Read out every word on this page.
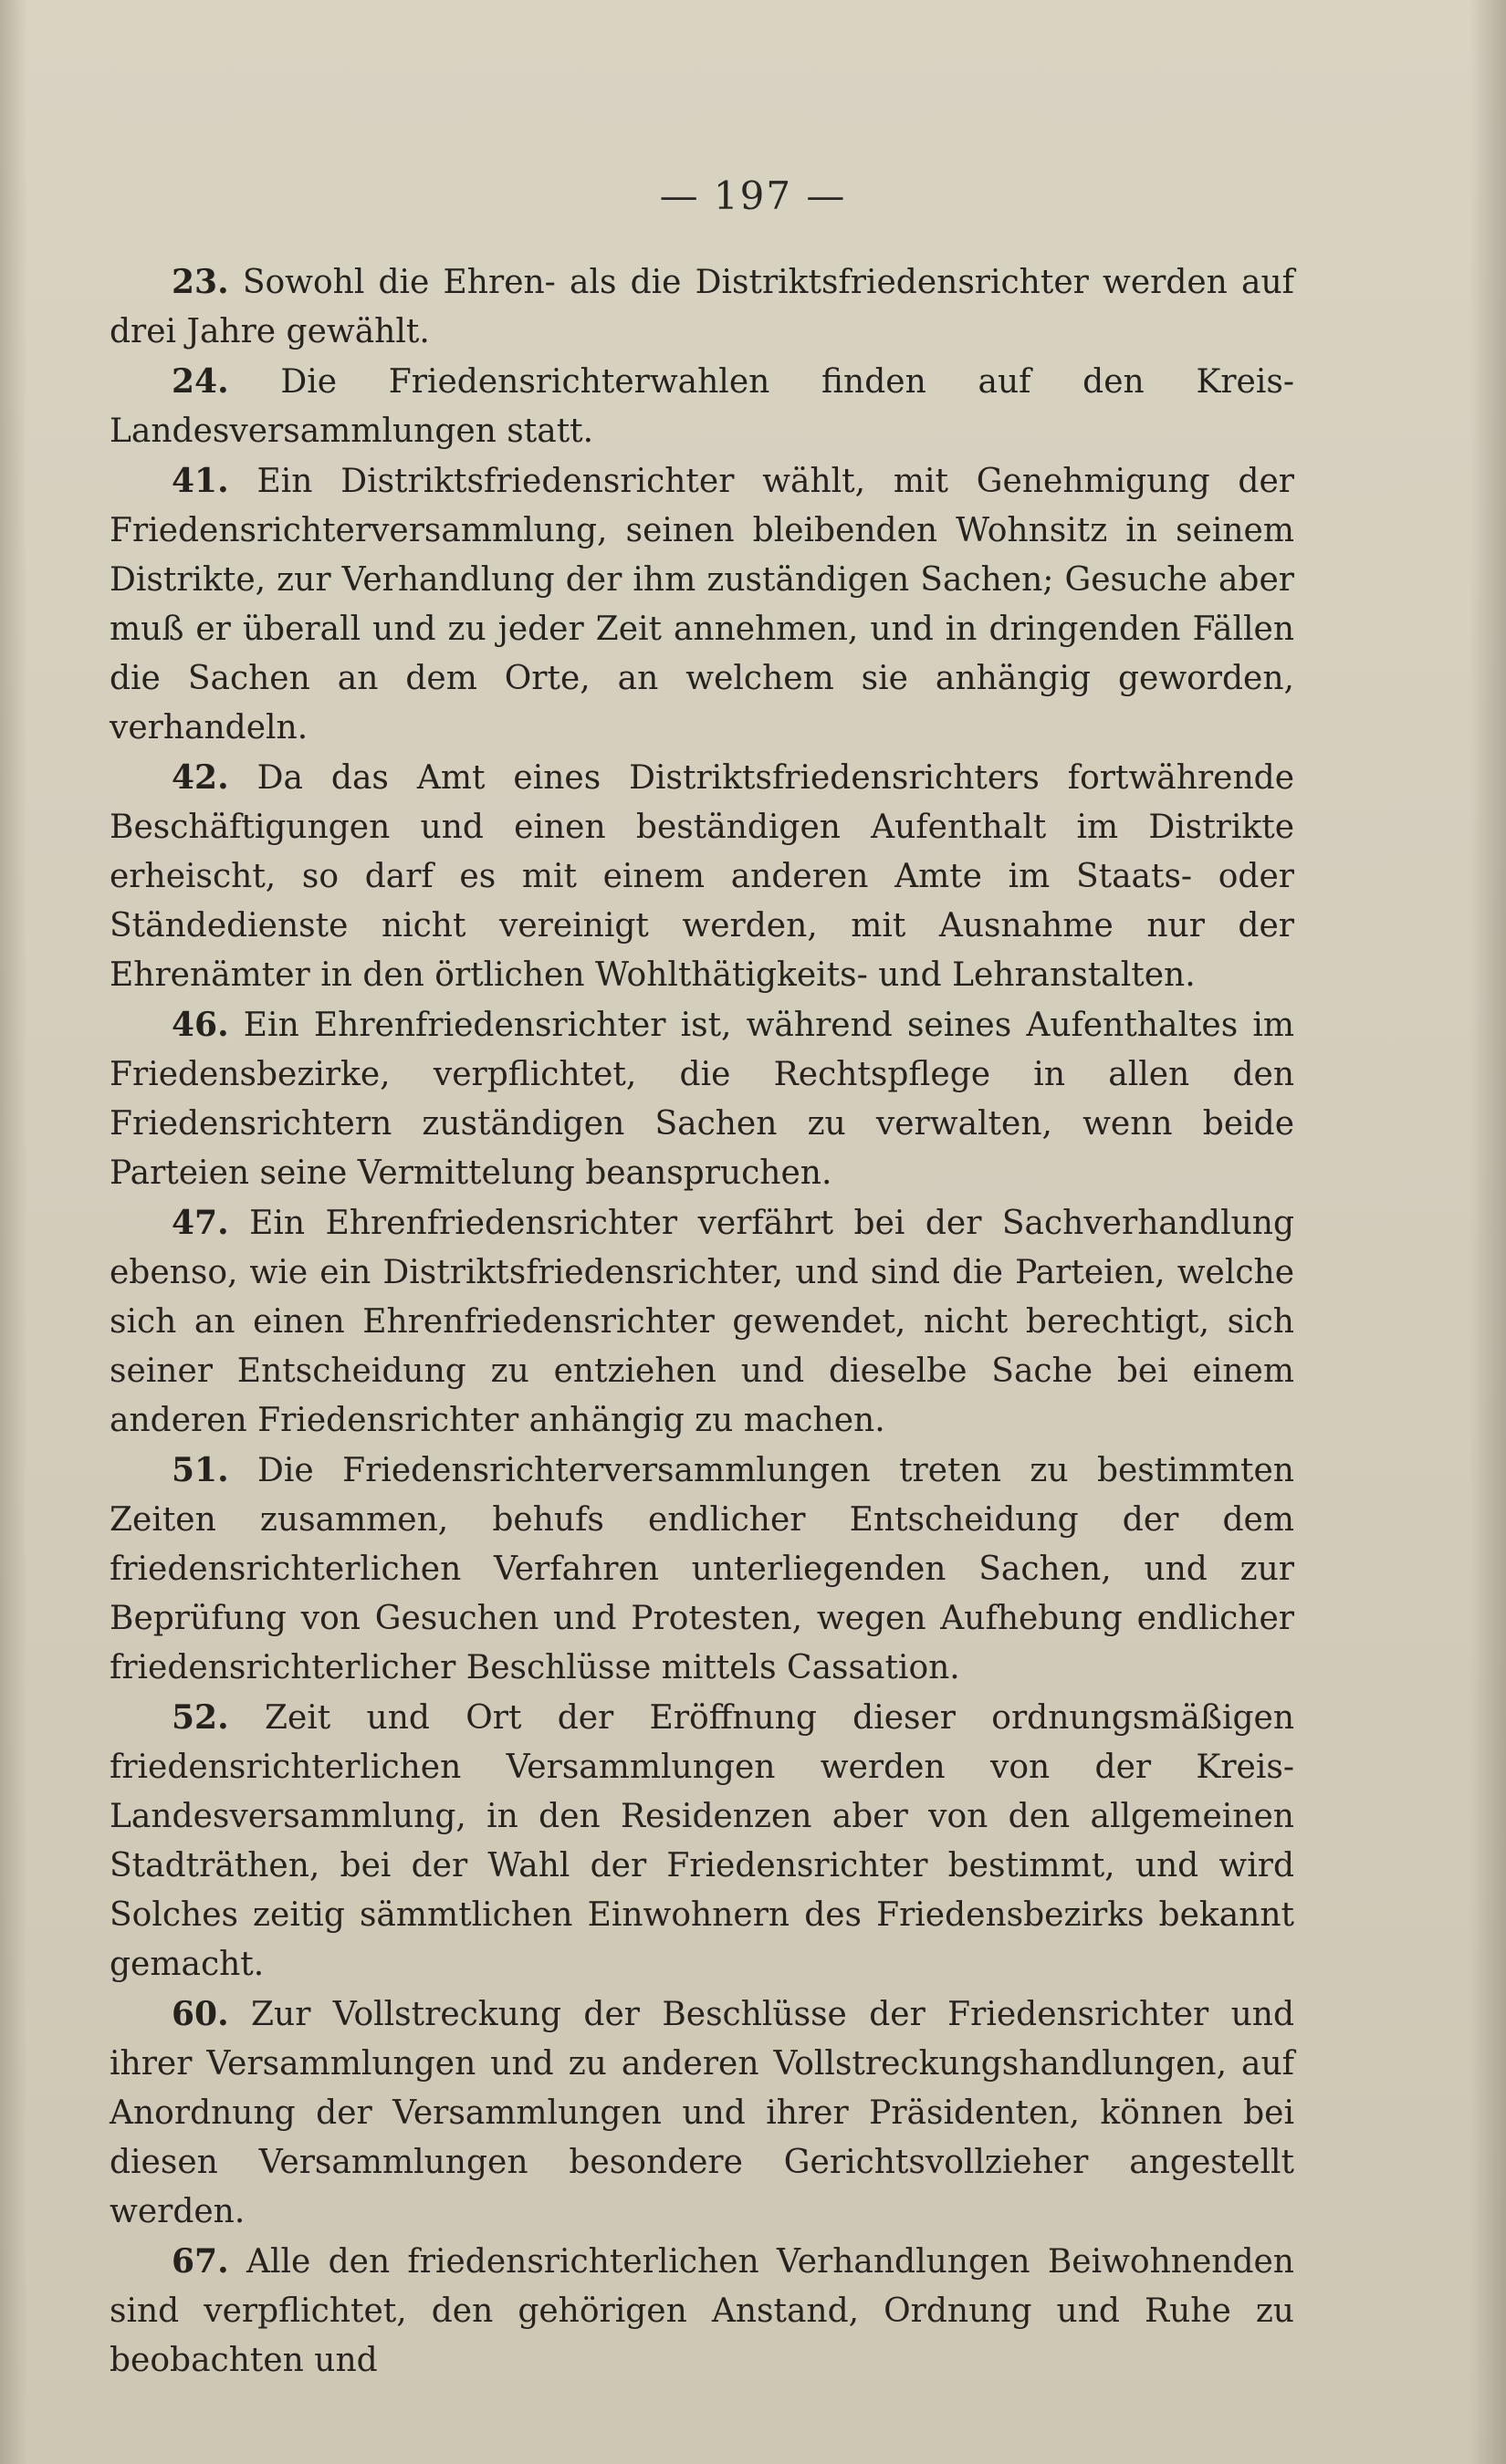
— 197 —

23. Sowohl die Ehren- als die Distriktsfriedensrichter werden auf drei Jahre gewählt.

24. Die Friedensrichterwahlen finden auf den Kreis-Landesversammlungen statt.

41. Ein Distriktsfriedensrichter wählt, mit Genehmigung der Friedensrichterversammlung, seinen bleibenden Wohnsitz in seinem Distrikte, zur Verhandlung der ihm zuständigen Sachen; Gesuche aber muß er überall und zu jeder Zeit annehmen, und in dringenden Fällen die Sachen an dem Orte, an welchem sie anhängig geworden, verhandeln.

42. Da das Amt eines Distriktsfriedensrichters fortwährende Beschäftigungen und einen beständigen Aufenthalt im Distrikte erheischt, so darf es mit einem anderen Amte im Staats- oder Ständedienste nicht vereinigt werden, mit Ausnahme nur der Ehrenämter in den örtlichen Wohlthätigkeits- und Lehranstalten.

46. Ein Ehrenfriedensrichter ist, während seines Aufenthaltes im Friedensbezirke, verpflichtet, die Rechtspflege in allen den Friedensrichtern zuständigen Sachen zu verwalten, wenn beide Parteien seine Vermittelung beanspruchen.

47. Ein Ehrenfriedensrichter verfährt bei der Sachverhandlung ebenso, wie ein Distriktsfriedensrichter, und sind die Parteien, welche sich an einen Ehrenfriedensrichter gewendet, nicht berechtigt, sich seiner Entscheidung zu entziehen und dieselbe Sache bei einem anderen Friedensrichter anhängig zu machen.

51. Die Friedensrichterversammlungen treten zu bestimmten Zeiten zusammen, behufs endlicher Entscheidung der dem friedensrichterlichen Verfahren unterliegenden Sachen, und zur Beprüfung von Gesuchen und Protesten, wegen Aufhebung endlicher friedensrichterlicher Beschlüsse mittels Cassation.

52. Zeit und Ort der Eröffnung dieser ordnungsmäßigen friedensrichterlichen Versammlungen werden von der Kreis-Landesversammlung, in den Residenzen aber von den allgemeinen Stadträthen, bei der Wahl der Friedensrichter bestimmt, und wird Solches zeitig sämmtlichen Einwohnern des Friedensbezirks bekannt gemacht.

60. Zur Vollstreckung der Beschlüsse der Friedensrichter und ihrer Versammlungen und zu anderen Vollstreckungshandlungen, auf Anordnung der Versammlungen und ihrer Präsidenten, können bei diesen Versammlungen besondere Gerichtsvollzieher angestellt werden.

67. Alle den friedensrichterlichen Verhandlungen Beiwohnenden sind verpflichtet, den gehörigen Anstand, Ordnung und Ruhe zu beobachten und
